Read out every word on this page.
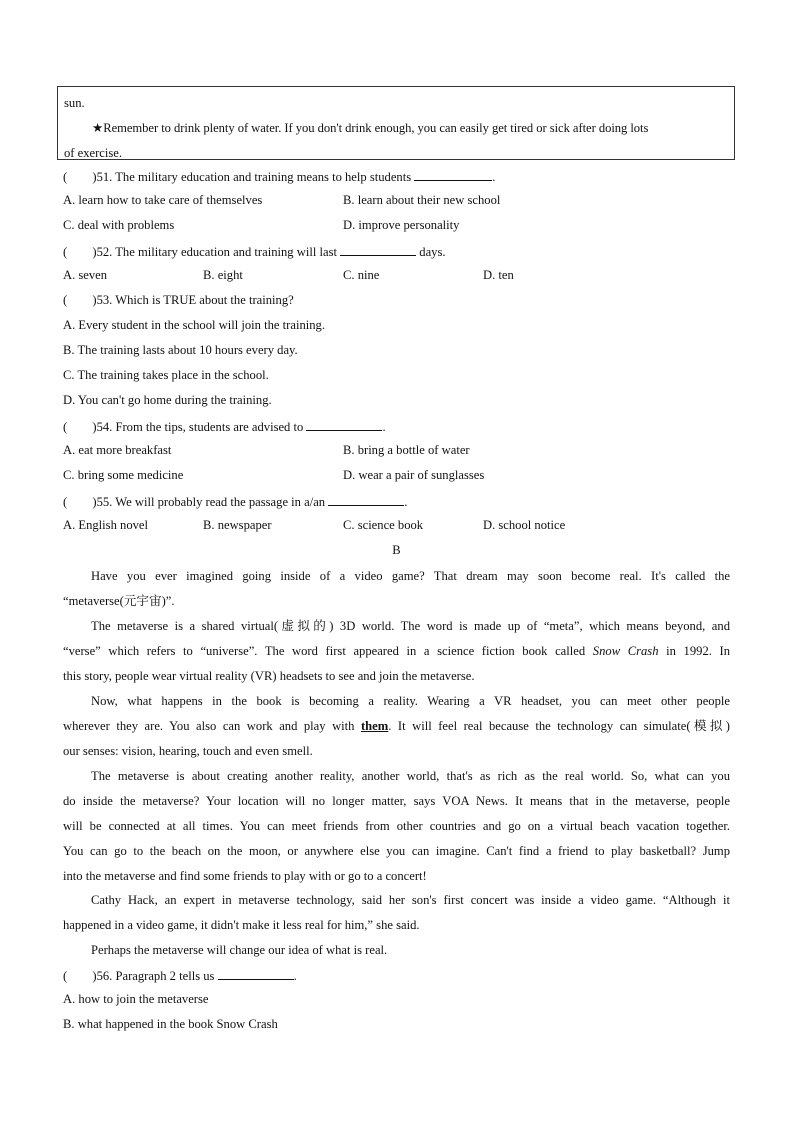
sun.
★Remember to drink plenty of water. If you don't drink enough, you can easily get tired or sick after doing lots
of exercise.
(        )51. The military education and training means to help students	.
A. learn how to take care of themselves	B. learn about their new school
C. deal with problems	D. improve personality
(        )52. The military education and training will last	days.
A. seven	B. eight	C. nine	D. ten
(        )53. Which is TRUE about the training?
A. Every student in the school will join the training.
B. The training lasts about 10 hours every day.
C. The training takes place in the school.
D. You can't go home during the training.
(        )54. From the tips, students are advised to	.
A. eat more breakfast	B. bring a bottle of water
C. bring some medicine	D. wear a pair of sunglasses
(        )55. We will probably read the passage in a/an	.
A. English novel	B. newspaper	C. science book	D. school notice
B
Have you ever imagined going inside of a video game? That dream may soon become real. It's called the
“metaverse(元宇宙)”.
The metaverse is a shared virtual(虚拟的) 3D world. The word is made up of “meta”, which means beyond, and
“verse” which refers to “universe”. The word first appeared in a science fiction book called Snow Crash in 1992. In
this story, people wear virtual reality (VR) headsets to see and join the metaverse.
Now, what happens in the book is becoming a reality. Wearing a VR headset, you can meet other people
wherever they are. You also can work and play with them. It will feel real because the technology can simulate(模拟)
our senses: vision, hearing, touch and even smell.
The metaverse is about creating another reality, another world, that's as rich as the real world. So, what can you
do inside the metaverse? Your location will no longer matter, says VOA News. It means that in the metaverse, people
will be connected at all times. You can meet friends from other countries and go on a virtual beach vacation together.
You can go to the beach on the moon, or anywhere else you can imagine. Can't find a friend to play basketball? Jump
into the metaverse and find some friends to play with or go to a concert!
Cathy Hack, an expert in metaverse technology, said her son's first concert was inside a video game. “Although it
happened in a video game, it didn't make it less real for him,” she said.
Perhaps the metaverse will change our idea of what is real.
(        )56. Paragraph 2 tells us	.
A. how to join the metaverse
B. what happened in the book Snow Crash
